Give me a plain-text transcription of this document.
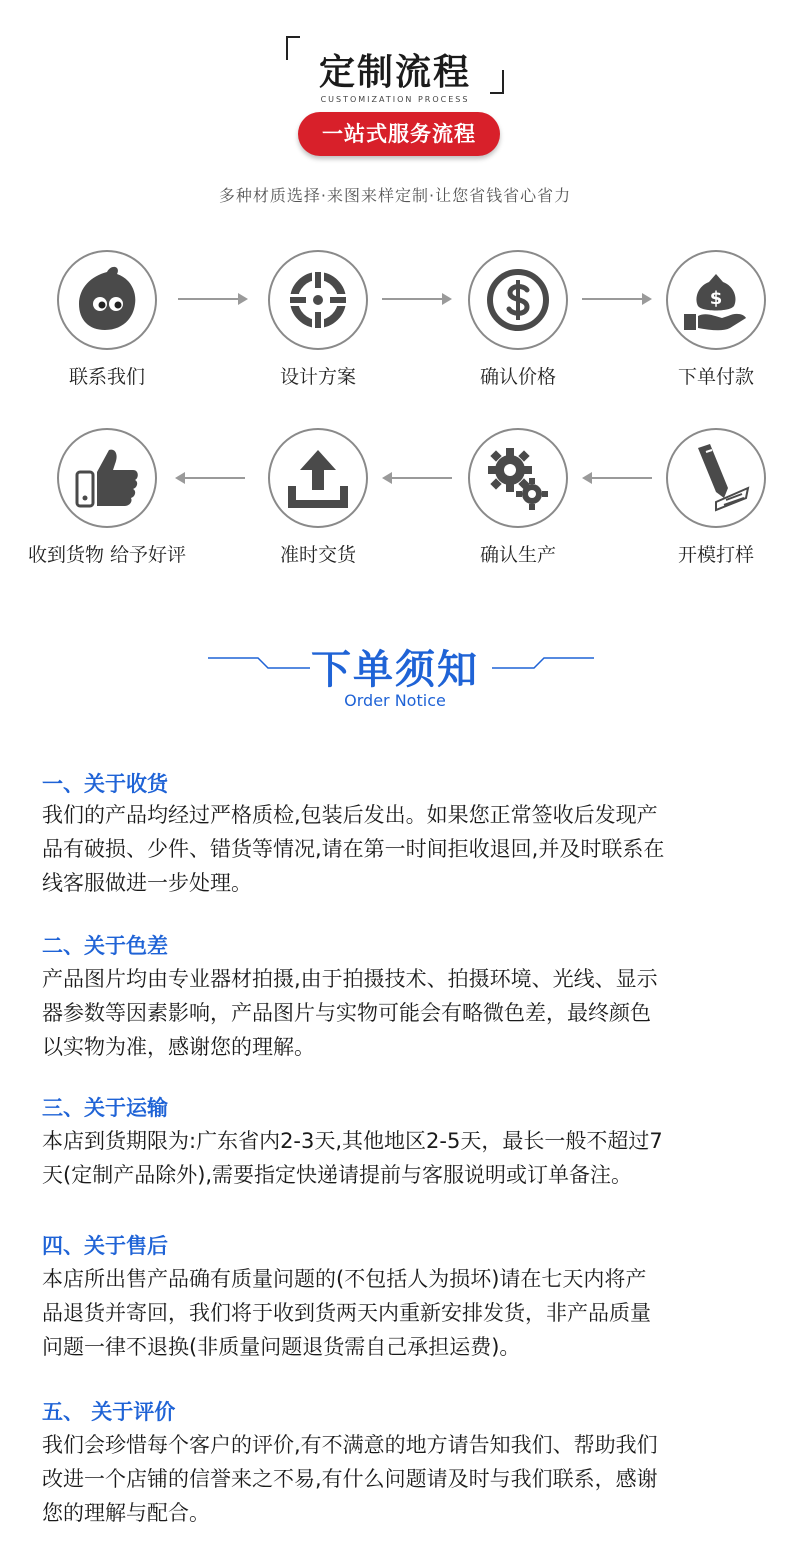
定制流程
CUSTOMIZATION PROCESS
一站式服务流程
多种材质选择·来图来样定制·让您省钱省心省力
联系我们	设计方案	确认价格
$
下单付款
开模打样
确认生产
准时交货
收到货物 给予好评
下单须知
Order Notice
一、关于收货
我们的产品均经过严格质检,包装后发出。如果您正常签收后发现产
品有破损、少件、错货等情况,请在第一时间拒收退回,并及时联系在
线客服做进一步处理。
二、关于色差
产品图片均由专业器材拍摄,由于拍摄技术、拍摄环境、光线、显示
器参数等因素影响，产品图片与实物可能会有略微色差，最终颜色
以实物为准，感谢您的理解。
三、关于运输
本店到货期限为:广东省内2-3天,其他地区2-5天，最长一般不超过7
天(定制产品除外),需要指定快递请提前与客服说明或订单备注。
四、关于售后
本店所出售产品确有质量问题的(不包括人为损坏)请在七天内将产
品退货并寄回，我们将于收到货两天内重新安排发货，非产品质量
问题一律不退换(非质量问题退货需自己承担运费)。
五、 关于评价
我们会珍惜每个客户的评价,有不满意的地方请告知我们、帮助我们
改进一个店铺的信誉来之不易,有什么问题请及时与我们联系，感谢
您的理解与配合。
